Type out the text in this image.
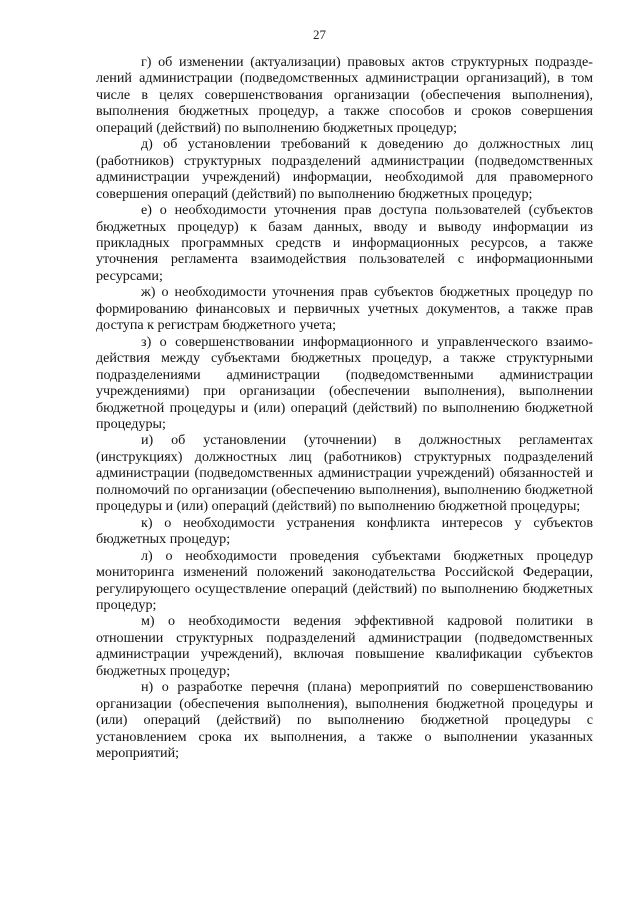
27

г) об изменении (актуализации) правовых актов структурных подразделений администрации (подведомственных администрации организаций), в том числе в целях совершенствования организации (обеспечения выполнения), выполнения бюджетных процедур, а также способов и сроков совершения операций (действий) по выполнению бюджетных процедур;

д) об установлении требований к доведению до должностных лиц (работников) структурных подразделений администрации (подведомственных администрации учреждений) информации, необходимой для правомерного совершения операций (действий) по выполнению бюджетных процедур;

е) о необходимости уточнения прав доступа пользователей (субъектов бюджетных процедур) к базам данных, вводу и выводу информации из прикладных программных средств и информационных ресурсов, а также уточнения регламента взаимодействия пользователей с информационными ресурсами;

ж) о необходимости уточнения прав субъектов бюджетных процедур по формированию финансовых и первичных учетных документов, а также прав доступа к регистрам бюджетного учета;

з) о совершенствовании информационного и управленческого взаимодействия между субъектами бюджетных процедур, а также структурными подразделениями администрации (подведомственными администрации учреждениями) при организации (обеспечении выполнения), выполнении бюджетной процедуры и (или) операций (действий) по выполнению бюджетной процедуры;

и) об установлении (уточнении) в должностных регламентах (инструкциях) должностных лиц (работников) структурных подразделений администрации (подведомственных администрации учреждений) обязанностей и полномочий по организации (обеспечению выполнения), выполнению бюджетной процедуры и (или) операций (действий) по выполнению бюджетной процедуры;

к) о необходимости устранения конфликта интересов у субъектов бюджетных процедур;

л) о необходимости проведения субъектами бюджетных процедур мониторинга изменений положений законодательства Российской Федерации, регулирующего осуществление операций (действий) по выполнению бюджетных процедур;

м) о необходимости ведения эффективной кадровой политики в отношении структурных подразделений администрации (подведомственных администрации учреждений), включая повышение квалификации субъектов бюджетных процедур;

н) о разработке перечня (плана) мероприятий по совершенствованию организации (обеспечения выполнения), выполнения бюджетной процедуры и (или) операций (действий) по выполнению бюджетной процедуры с установлением срока их выполнения, а также о выполнении указанных мероприятий;
